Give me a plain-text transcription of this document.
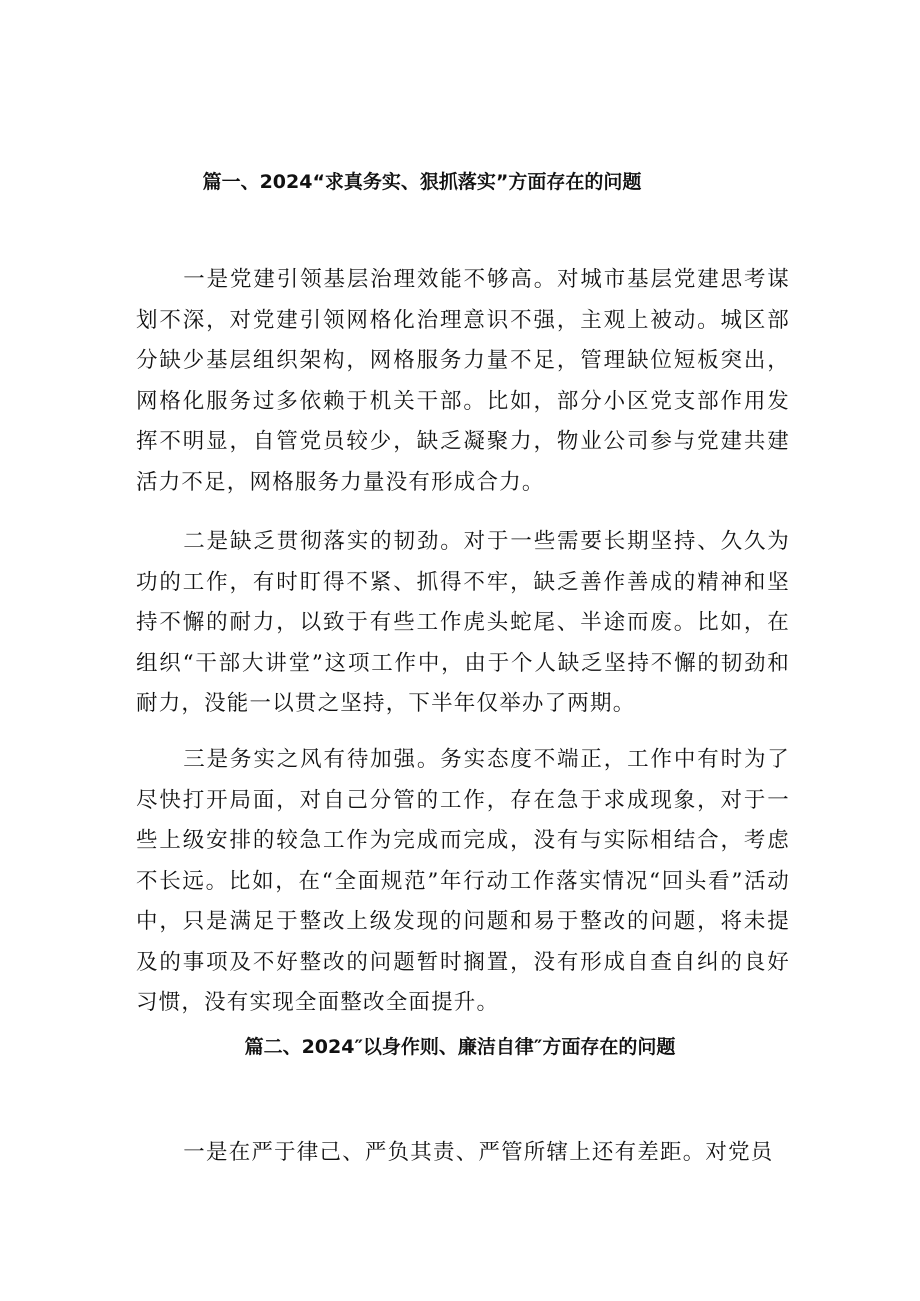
篇一、2024“求真务实、狠抓落实”方面存在的问题

一是党建引领基层治理效能不够高。对城市基层党建思考谋划不深，对党建引领网格化治理意识不强，主观上被动。城区部分缺少基层组织架构，网格服务力量不足，管理缺位短板突出，网格化服务过多依赖于机关干部。比如，部分小区党支部作用发挥不明显，自管党员较少，缺乏凝聚力，物业公司参与党建共建活力不足，网格服务力量没有形成合力。

二是缺乏贯彻落实的韧劲。对于一些需要长期坚持、久久为功的工作，有时盯得不紧、抓得不牢，缺乏善作善成的精神和坚持不懈的耐力，以致于有些工作虎头蛇尾、半途而废。比如，在组织“干部大讲堂”这项工作中，由于个人缺乏坚持不懈的韧劲和耐力，没能一以贯之坚持，下半年仅举办了两期。

三是务实之风有待加强。务实态度不端正，工作中有时为了尽快打开局面，对自己分管的工作，存在急于求成现象，对于一些上级安排的较急工作为完成而完成，没有与实际相结合，考虑不长远。比如，在“全面规范”年行动工作落实情况“回头看”活动中，只是满足于整改上级发现的问题和易于整改的问题，将未提及的事项及不好整改的问题暂时搁置，没有形成自查自纠的良好习惯，没有实现全面整改全面提升。

篇二、2024″以身作则、廉洁自律″方面存在的问题

一是在严于律己、严负其责、严管所辖上还有差距。对党员
